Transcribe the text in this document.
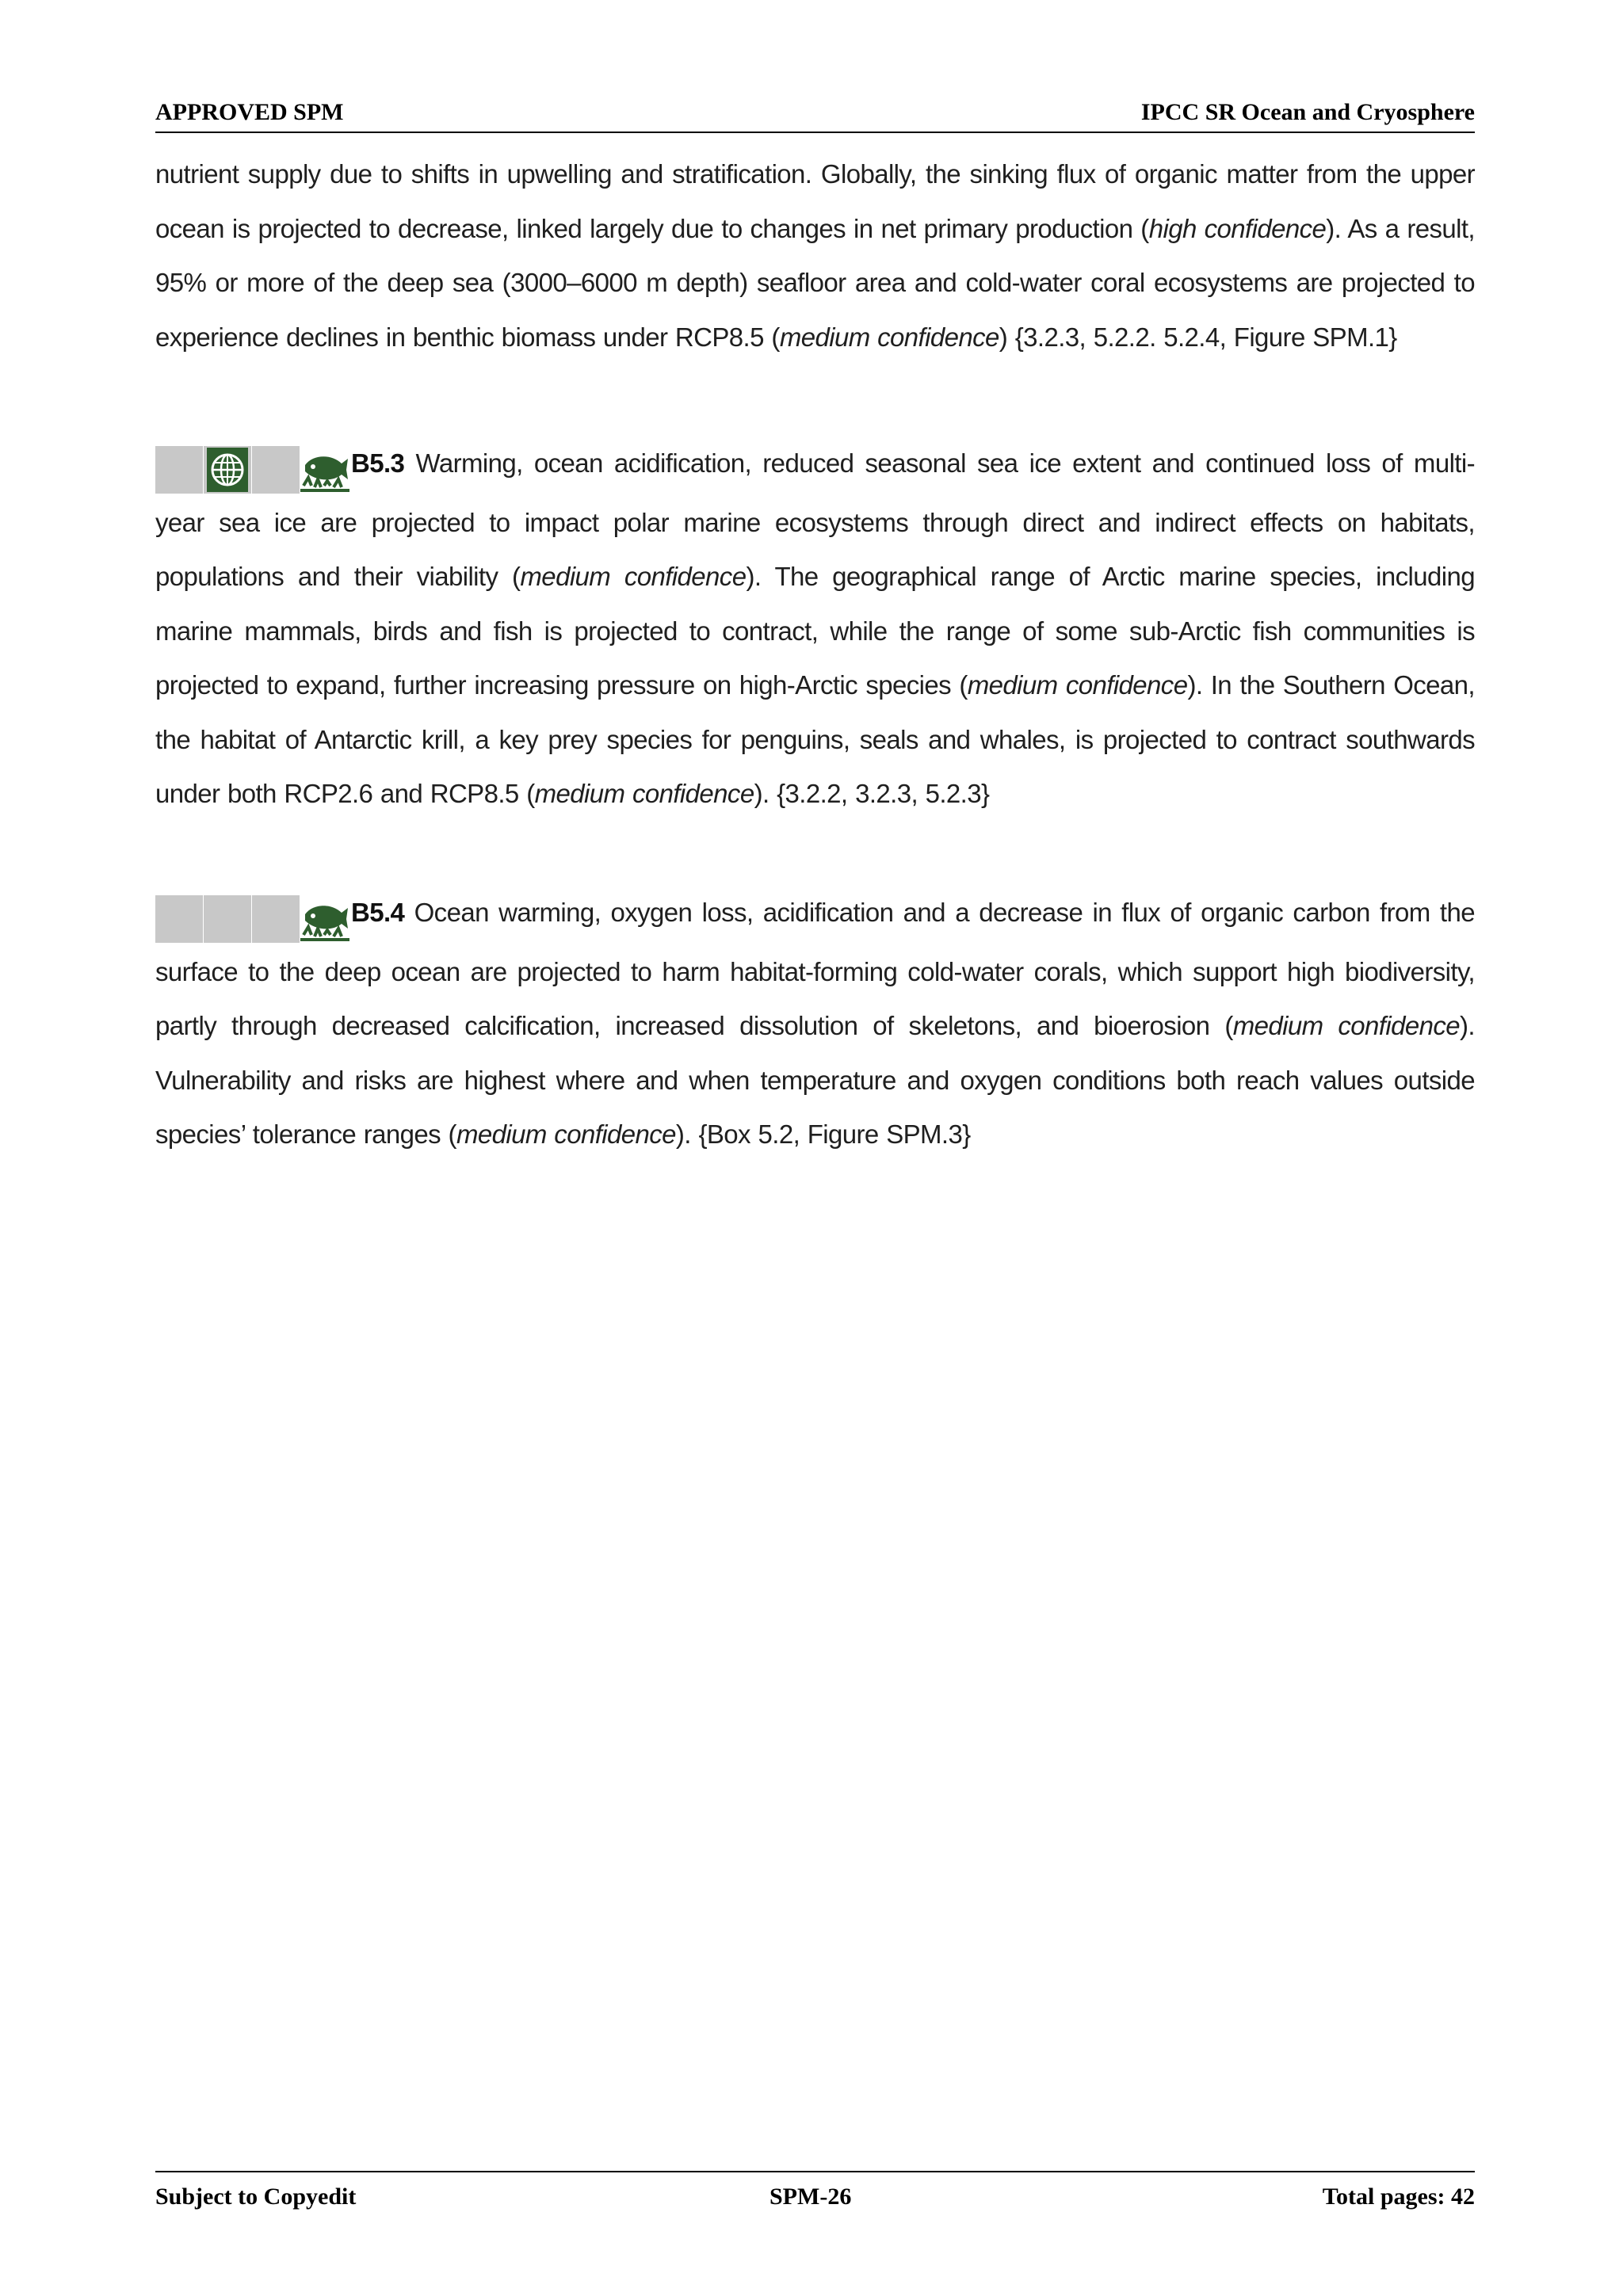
APPROVED SPM	IPCC SR Ocean and Cryosphere
nutrient supply due to shifts in upwelling and stratification. Globally, the sinking flux of organic matter from the upper ocean is projected to decrease, linked largely due to changes in net primary production (high confidence). As a result, 95% or more of the deep sea (3000–6000 m depth) seafloor area and cold-water coral ecosystems are projected to experience declines in benthic biomass under RCP8.5 (medium confidence) {3.2.3, 5.2.2. 5.2.4, Figure SPM.1}
B5.3 Warming, ocean acidification, reduced seasonal sea ice extent and continued loss of multi-year sea ice are projected to impact polar marine ecosystems through direct and indirect effects on habitats, populations and their viability (medium confidence). The geographical range of Arctic marine species, including marine mammals, birds and fish is projected to contract, while the range of some sub-Arctic fish communities is projected to expand, further increasing pressure on high-Arctic species (medium confidence). In the Southern Ocean, the habitat of Antarctic krill, a key prey species for penguins, seals and whales, is projected to contract southwards under both RCP2.6 and RCP8.5 (medium confidence). {3.2.2, 3.2.3, 5.2.3}
B5.4 Ocean warming, oxygen loss, acidification and a decrease in flux of organic carbon from the surface to the deep ocean are projected to harm habitat-forming cold-water corals, which support high biodiversity, partly through decreased calcification, increased dissolution of skeletons, and bioerosion (medium confidence). Vulnerability and risks are highest where and when temperature and oxygen conditions both reach values outside species’ tolerance ranges (medium confidence). {Box 5.2, Figure SPM.3}
Subject to Copyedit	SPM-26	Total pages: 42
